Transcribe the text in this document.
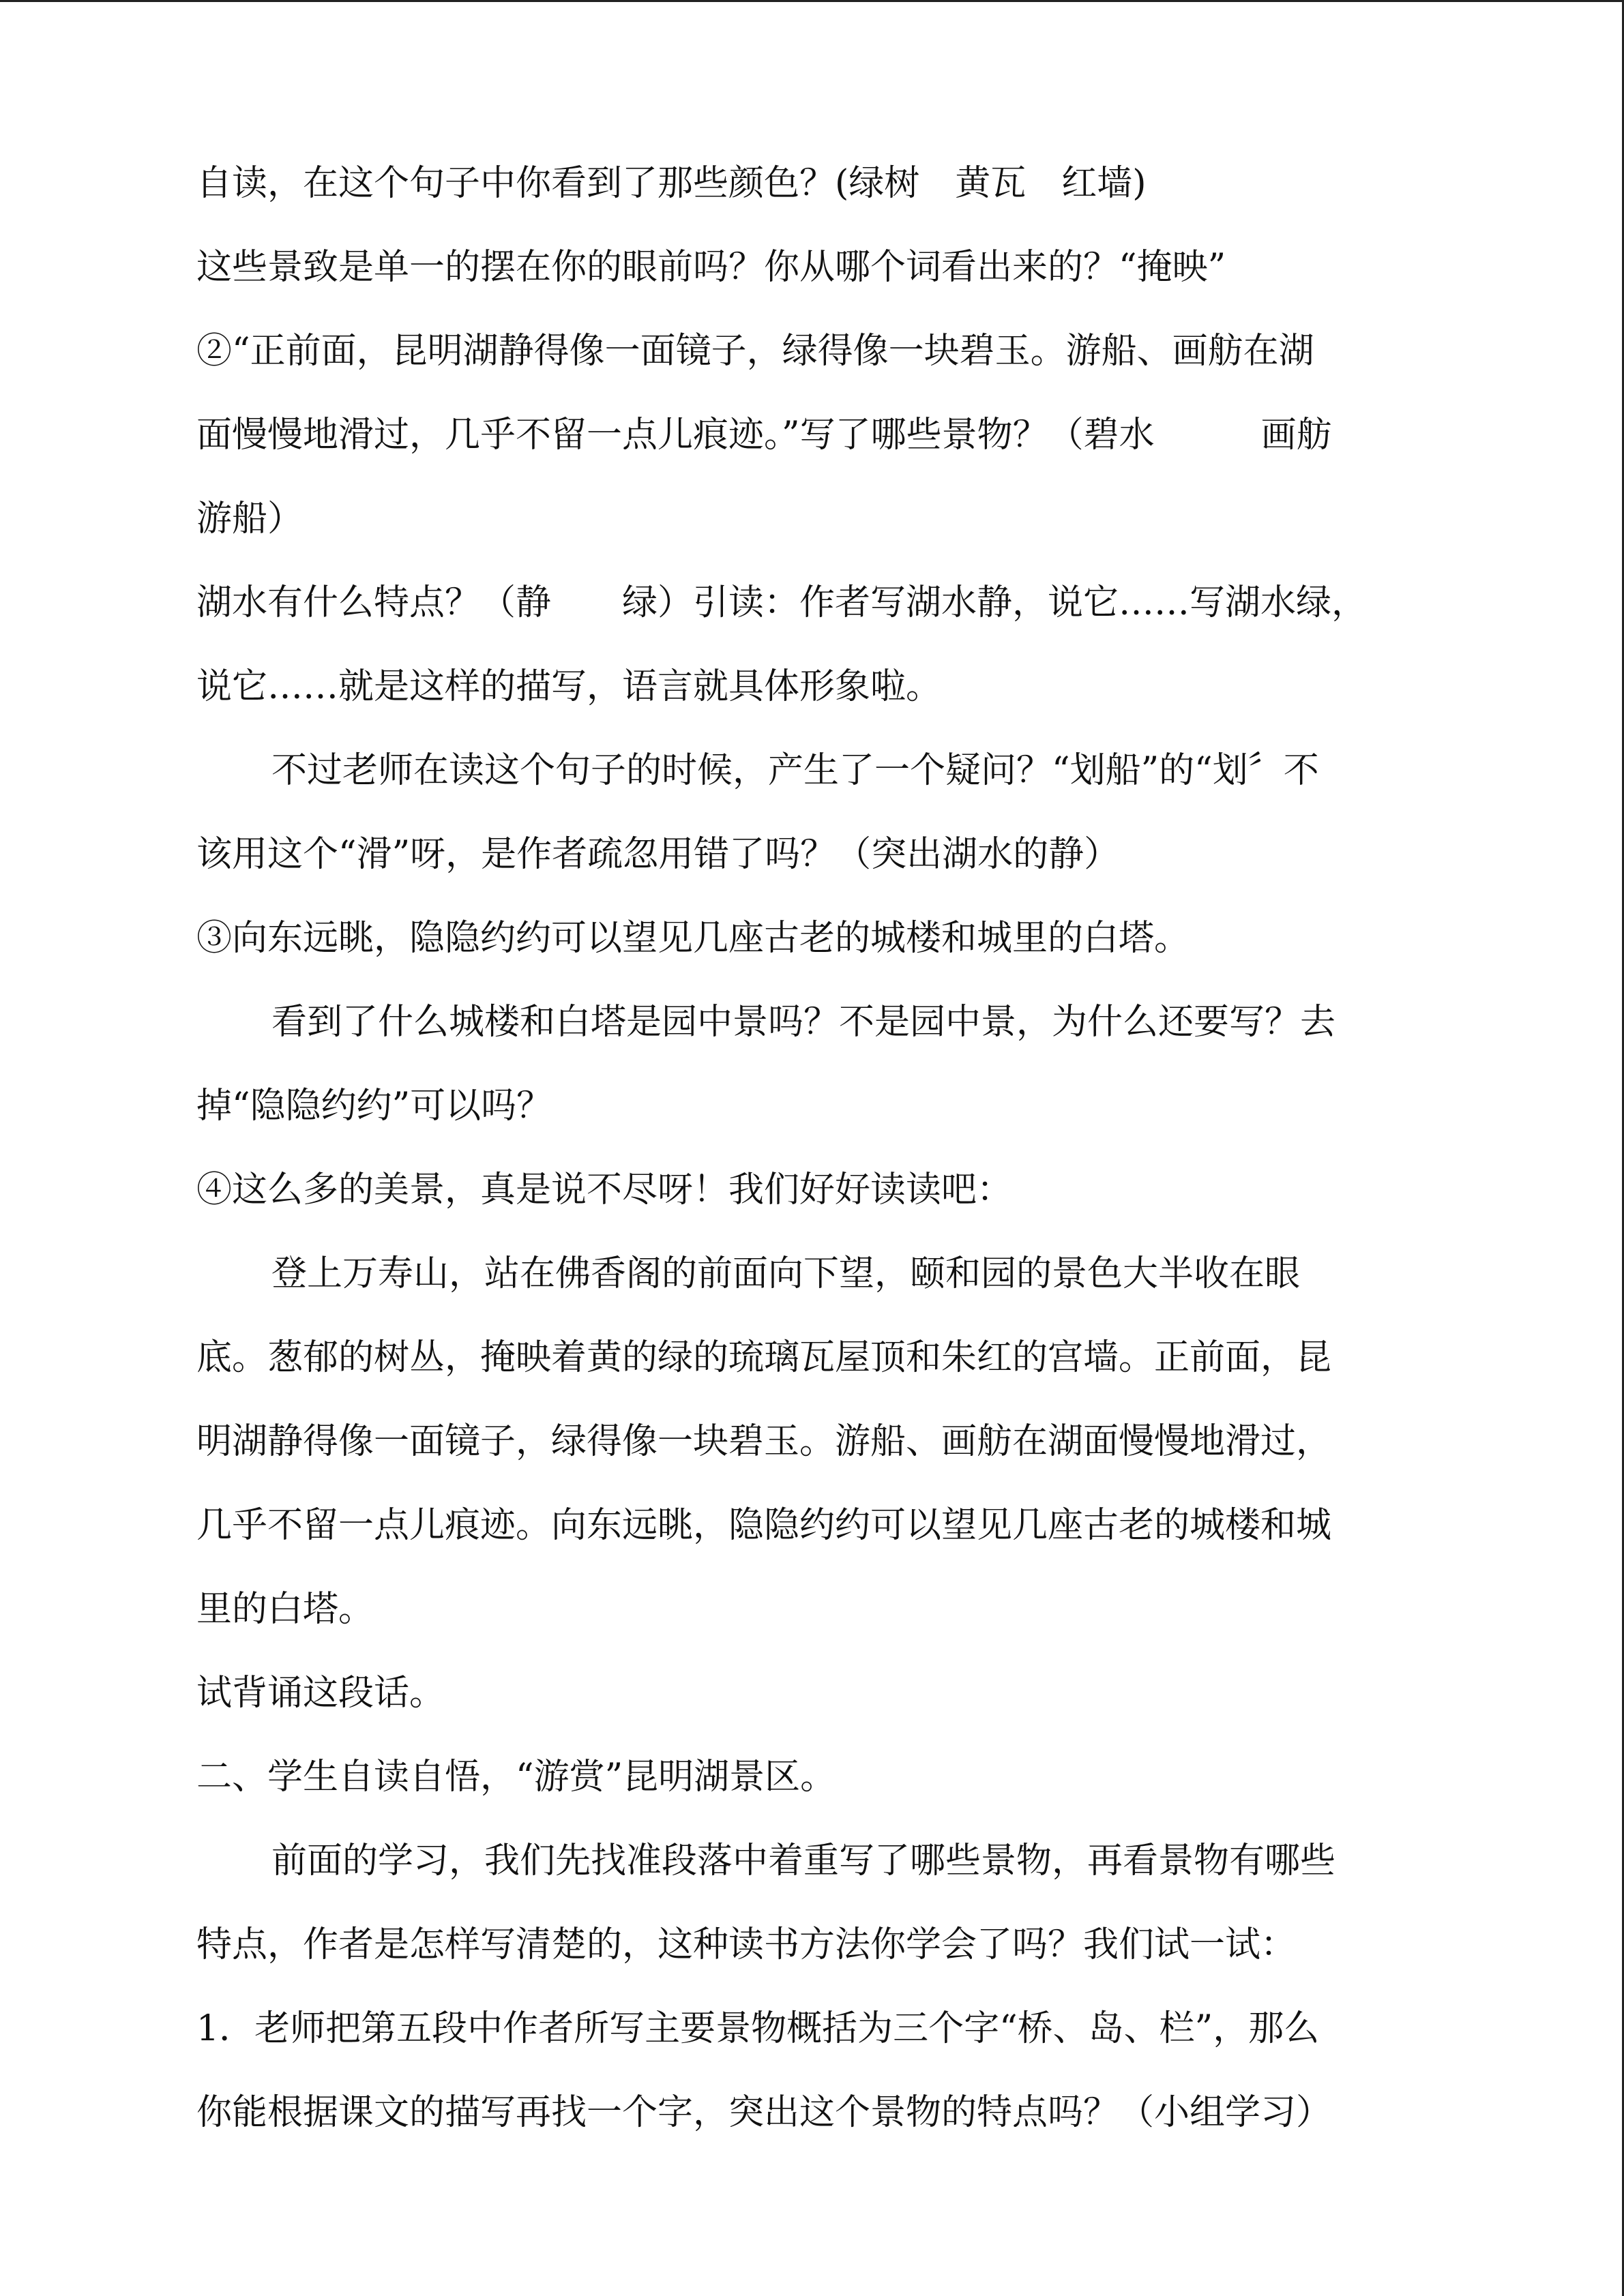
自读，在这个句子中你看到了那些颜色？(绿树　黄瓦　红墙)
这些景致是单一的摆在你的眼前吗？你从哪个词看出来的？“掩映”
②“正前面，昆明湖静得像一面镜子，绿得像一块碧玉。游船、画舫在湖
面慢慢地滑过，几乎不留一点儿痕迹。”写了哪些景物？（碧水　　　画舫
游船）
湖水有什么特点？（静　　绿）引读：作者写湖水静，说它……写湖水绿，
说它……就是这样的描写，语言就具体形象啦。
不过老师在读这个句子的时候，产生了一个疑问？“划船”的“划〞不
该用这个“滑”呀，是作者疏忽用错了吗？（突出湖水的静）
③向东远眺，隐隐约约可以望见几座古老的城楼和城里的白塔。
看到了什么城楼和白塔是园中景吗？不是园中景，为什么还要写？去
掉“隐隐约约”可以吗？
④这么多的美景，真是说不尽呀！我们好好读读吧：
登上万寿山，站在佛香阁的前面向下望，颐和园的景色大半收在眼
底。葱郁的树丛，掩映着黄的绿的琉璃瓦屋顶和朱红的宫墙。正前面，昆
明湖静得像一面镜子，绿得像一块碧玉。游船、画舫在湖面慢慢地滑过，
几乎不留一点儿痕迹。向东远眺，隐隐约约可以望见几座古老的城楼和城
里的白塔。
试背诵这段话。
二、学生自读自悟，“游赏”昆明湖景区。
前面的学习，我们先找准段落中着重写了哪些景物，再看景物有哪些
特点，作者是怎样写清楚的，这种读书方法你学会了吗？我们试一试：
1．老师把第五段中作者所写主要景物概括为三个字“桥、岛、栏”，那么
你能根据课文的描写再找一个字，突出这个景物的特点吗？（小组学习）
